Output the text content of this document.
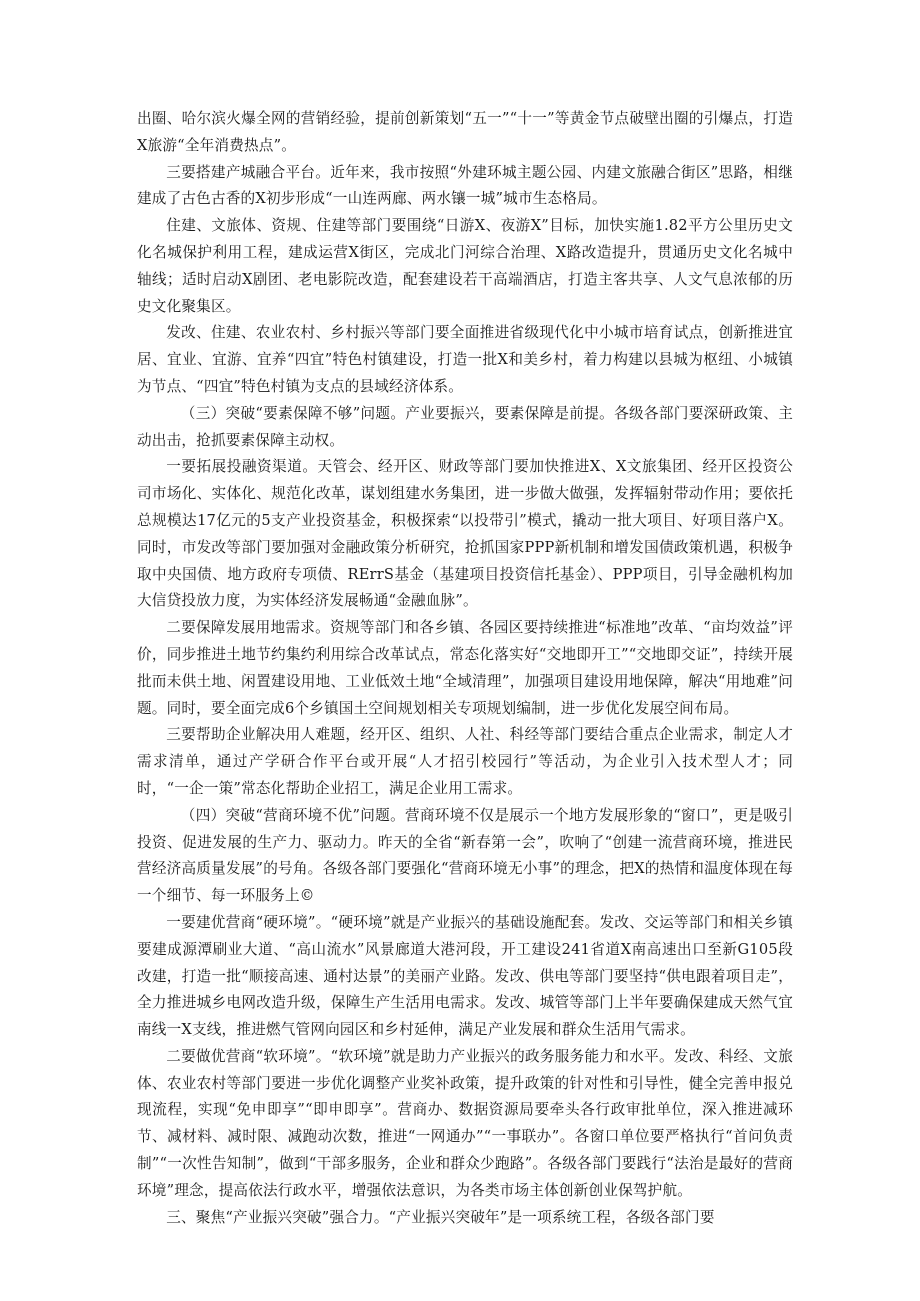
出圈、哈尔滨火爆全网的营销经验，提前创新策划“五一”“十一”等黄金节点破壁出圈的引爆点，打造X旅游“全年消费热点”。

三要搭建产城融合平台。近年来，我市按照“外建环城主题公园、内建文旅融合街区”思路，相继建成了古色古香的X初步形成“一山连两廊、两水镶一城”城市生态格局。

住建、文旅体、资规、住建等部门要围绕“日游X、夜游X”目标，加快实施1.82平方公里历史文化名城保护利用工程，建成运营X街区，完成北门河综合治理、X路改造提升，贯通历史文化名城中轴线；适时启动X剧团、老电影院改造，配套建设若干高端酒店，打造主客共享、人文气息浓郁的历史文化聚集区。

发改、住建、农业农村、乡村振兴等部门要全面推进省级现代化中小城市培育试点，创新推进宜居、宜业、宜游、宜养“四宜”特色村镇建设，打造一批X和美乡村，着力构建以县城为枢纽、小城镇为节点、“四宜”特色村镇为支点的县域经济体系。

（三）突破“要素保障不够”问题。产业要振兴，要素保障是前提。各级各部门要深研政策、主动出击，抢抓要素保障主动权。

一要拓展投融资渠道。天管会、经开区、财政等部门要加快推进X、X文旅集团、经开区投资公司市场化、实体化、规范化改革，谋划组建水务集团，进一步做大做强，发挥辐射带动作用；要依托总规模达17亿元的5支产业投资基金，积极探索“以投带引”模式，撬动一批大项目、好项目落户X。同时，市发改等部门要加强对金融政策分析研究，抢抓国家PPP新机制和增发国债政策机遇，积极争取中央国债、地方政府专项债、RErrS基金（基建项目投资信托基金）、PPP项目，引导金融机构加大信贷投放力度，为实体经济发展畅通“金融血脉”。

二要保障发展用地需求。资规等部门和各乡镇、各园区要持续推进“标准地”改革、“亩均效益”评价，同步推进土地节约集约利用综合改革试点，常态化落实好“交地即开工”“交地即交证”，持续开展批而未供土地、闲置建设用地、工业低效土地“全域清理”，加强项目建设用地保障，解决“用地难”问题。同时，要全面完成6个乡镇国土空间规划相关专项规划编制，进一步优化发展空间布局。

三要帮助企业解决用人难题，经开区、组织、人社、科经等部门要结合重点企业需求，制定人才需求清单，通过产学研合作平台或开展“人才招引校园行”等活动，为企业引入技术型人才；同时，“一企一策”常态化帮助企业招工，满足企业用工需求。

（四）突破“营商环境不优”问题。营商环境不仅是展示一个地方发展形象的“窗口”，更是吸引投资、促进发展的生产力、驱动力。昨天的全省“新春第一会”，吹响了“创建一流营商环境，推进民营经济高质量发展”的号角。各级各部门要强化“营商环境无小事”的理念，把X的热情和温度体现在每一个细节、每一环服务上©

一要建优营商“硬环境”。“硬环境”就是产业振兴的基础设施配套。发改、交运等部门和相关乡镇要建成源潭刷业大道、“高山流水”风景廊道大港河段，开工建设241省道X南高速出口至新G105段改建，打造一批“顺接高速、通村达景”的美丽产业路。发改、供电等部门要坚持“供电跟着项目走”，全力推进城乡电网改造升级，保障生产生活用电需求。发改、城管等部门上半年要确保建成天然气宜南线一X支线，推进燃气管网向园区和乡村延伸，满足产业发展和群众生活用气需求。

二要做优营商“软环境”。“软环境”就是助力产业振兴的政务服务能力和水平。发改、科经、文旅体、农业农村等部门要进一步优化调整产业奖补政策，提升政策的针对性和引导性，健全完善申报兑现流程，实现“免申即享”“即申即享”。营商办、数据资源局要牵头各行政审批单位，深入推进减环节、减材料、减时限、减跑动次数，推进“一网通办”“一事联办”。各窗口单位要严格执行“首问负责制”“一次性告知制”，做到“干部多服务，企业和群众少跑路”。各级各部门要践行“法治是最好的营商环境”理念，提高依法行政水平，增强依法意识，为各类市场主体创新创业保驾护航。

三、聚焦“产业振兴突破”强合力。“产业振兴突破年”是一项系统工程，各级各部门要
